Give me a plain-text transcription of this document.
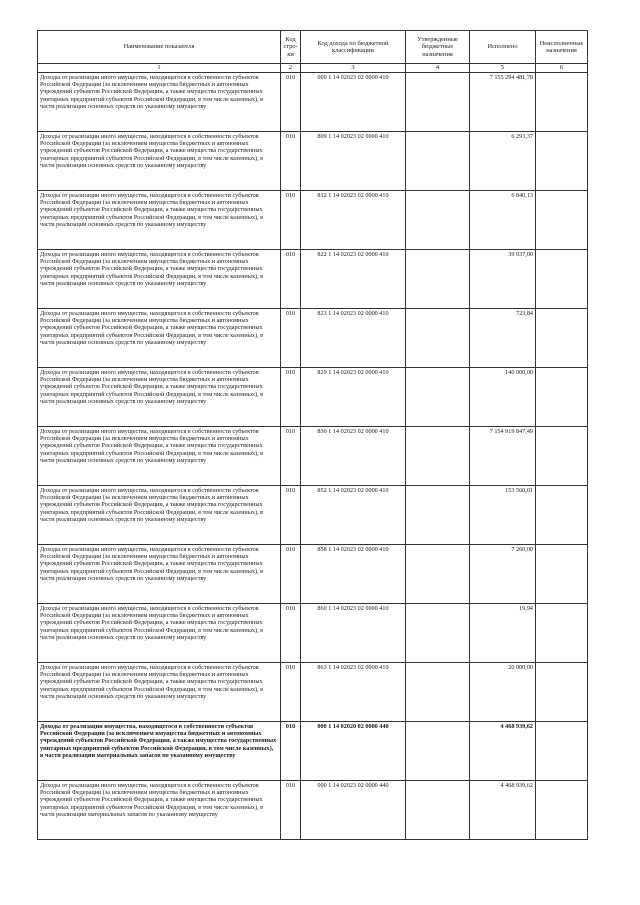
Наименование показателя	Код стро-ки	Код дохода по бюджетной классификации	Утвержденные бюджетные назначения	Исполнено	Неисполненные назначения
1	2	3	4	5	6
Доходы от реализации иного имущества, находящегося в собственности субъектов Российской Федерации (за исключением имущества бюджетных и автономных учреждений субъектов Российской Федерации, а также имущества государственных унитарных предприятий субъектов Российской Федерации, в том числе казенных), в части реализации основных средств по указанному имуществу	010	000 1 14 02023 02 0000 410		7 155 294 481,78	
Доходы от реализации иного имущества, находящегося в собственности субъектов Российской Федерации (за исключением имущества бюджетных и автономных учреждений субъектов Российской Федерации, а также имущества государственных унитарных предприятий субъектов Российской Федерации, в том числе казенных), в части реализации основных средств по указанному имуществу	010	809 1 14 02023 02 0000 410		6 293,37	
Доходы от реализации иного имущества, находящегося в собственности субъектов Российской Федерации (за исключением имущества бюджетных и автономных учреждений субъектов Российской Федерации, а также имущества государственных унитарных предприятий субъектов Российской Федерации, в том числе казенных), в части реализации основных средств по указанному имуществу	010	812 1 14 02023 02 0000 410		6 840,13	
Доходы от реализации иного имущества, находящегося в собственности субъектов Российской Федерации (за исключением имущества бюджетных и автономных учреждений субъектов Российской Федерации, а также имущества государственных унитарных предприятий субъектов Российской Федерации, в том числе казенных), в части реализации основных средств по указанному имуществу	010	822 1 14 02023 02 0000 410		39 937,00	
Доходы от реализации иного имущества, находящегося в собственности субъектов Российской Федерации (за исключением имущества бюджетных и автономных учреждений субъектов Российской Федерации, а также имущества государственных унитарных предприятий субъектов Российской Федерации, в том числе казенных), в части реализации основных средств по указанному имуществу	010	823 1 14 02023 02 0000 410		723,84	
Доходы от реализации иного имущества, находящегося в собственности субъектов Российской Федерации (за исключением имущества бюджетных и автономных учреждений субъектов Российской Федерации, а также имущества государственных унитарных предприятий субъектов Российской Федерации, в том числе казенных), в части реализации основных средств по указанному имуществу	010	829 1 14 02023 02 0000 410		140 000,00	
Доходы от реализации иного имущества, находящегося в собственности субъектов Российской Федерации (за исключением имущества бюджетных и автономных учреждений субъектов Российской Федерации, а также имущества государственных унитарных предприятий субъектов Российской Федерации, в том числе казенных), в части реализации основных средств по указанному имуществу	010	830 1 14 02023 02 0000 410		7 154 919 847,49	
Доходы от реализации иного имущества, находящегося в собственности субъектов Российской Федерации (за исключением имущества бюджетных и автономных учреждений субъектов Российской Федерации, а также имущества государственных унитарных предприятий субъектов Российской Федерации, в том числе казенных), в части реализации основных средств по указанному имуществу	010	852 1 14 02023 02 0000 410		153 560,01	
Доходы от реализации иного имущества, находящегося в собственности субъектов Российской Федерации (за исключением имущества бюджетных и автономных учреждений субъектов Российской Федерации, а также имущества государственных унитарных предприятий субъектов Российской Федерации, в том числе казенных), в части реализации основных средств по указанному имуществу	010	858 1 14 02023 02 0000 410		7 260,00	
Доходы от реализации иного имущества, находящегося в собственности субъектов Российской Федерации (за исключением имущества бюджетных и автономных учреждений субъектов Российской Федерации, а также имущества государственных унитарных предприятий субъектов Российской Федерации, в том числе казенных), в части реализации основных средств по указанному имуществу	010	860 1 14 02023 02 0000 410		19,94	
Доходы от реализации иного имущества, находящегося в собственности субъектов Российской Федерации (за исключением имущества бюджетных и автономных учреждений субъектов Российской Федерации, а также имущества государственных унитарных предприятий субъектов Российской Федерации, в том числе казенных), в части реализации основных средств по указанному имуществу	010	863 1 14 02023 02 0000 410		20 000,00	
Доходы от реализации имущества, находящегося в собственности субъектов Российской Федерации (за исключением имущества бюджетных и автономных учреждений субъектов Российской Федерации, а также имущества государственных унитарных предприятий субъектов Российской Федерации, в том числе казенных), в части реализации материальных запасов по указанному имуществу	010	000 1 14 02020 02 0000 440		4 468 939,62	
Доходы от реализации иного имущества, находящегося в собственности субъектов Российской Федерации (за исключением имущества бюджетных и автономных учреждений субъектов Российской Федерации, а также имущества государственных унитарных предприятий субъектов Российской Федерации, в том числе казенных), в части реализации материальных запасов по указанному имуществу	010	000 1 14 02023 02 0000 440		4 468 939,62	
